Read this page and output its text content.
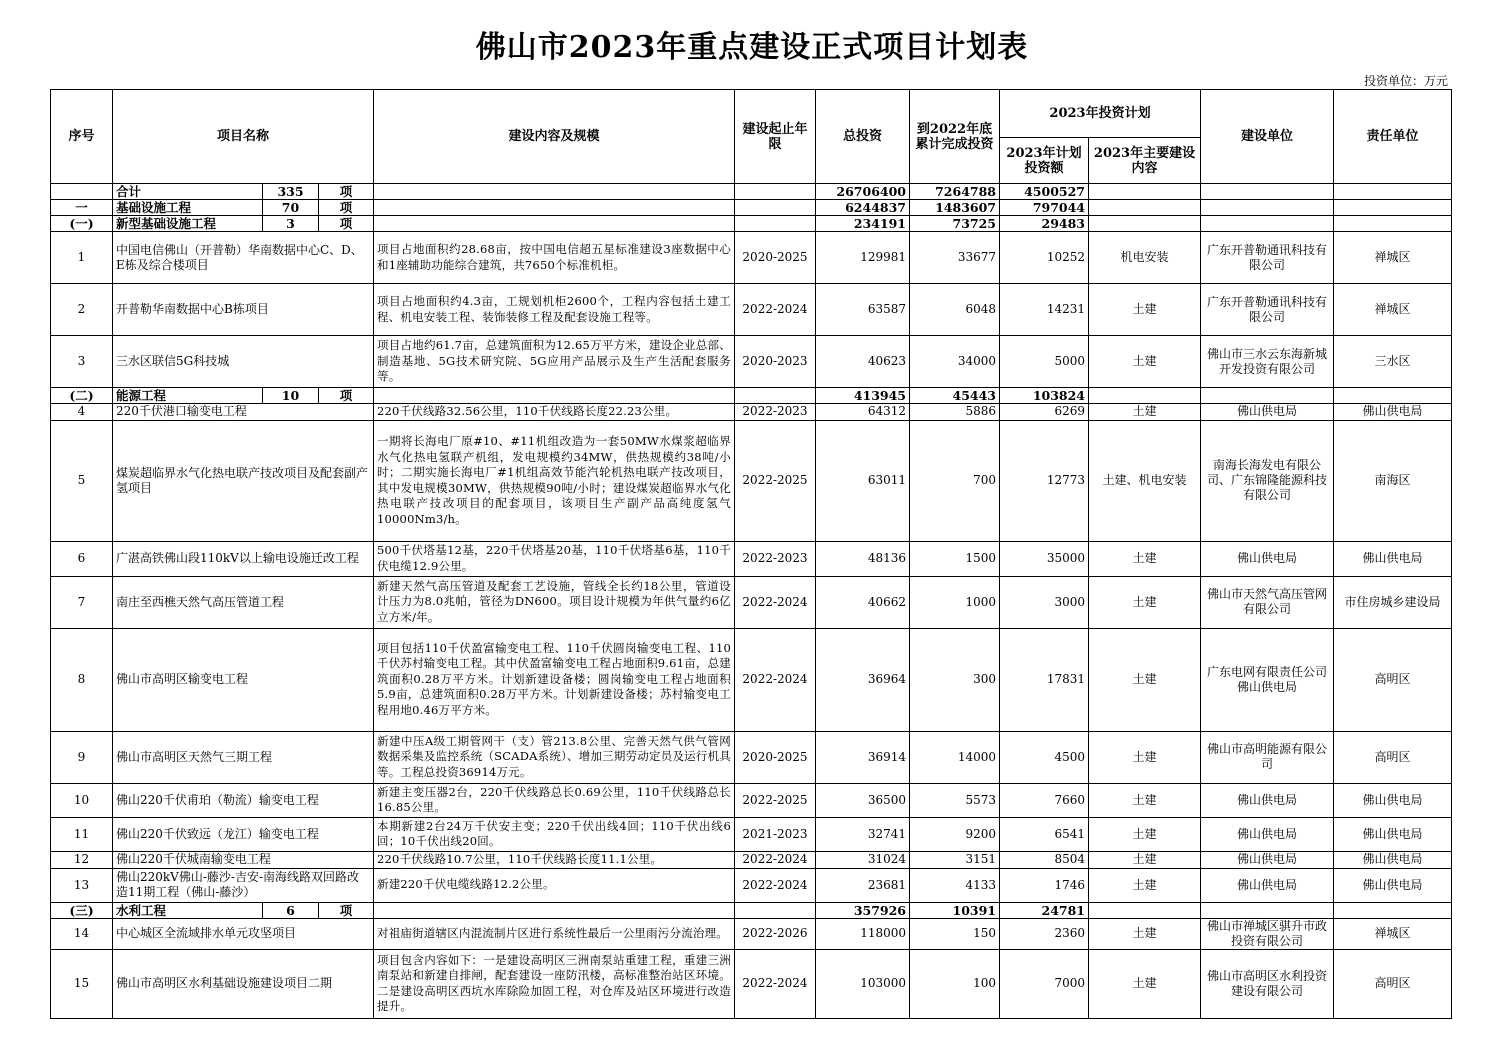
佛山市2023年重点建设正式项目计划表
投资单位：万元
序号	项目名称			建设内容及规模	建设起止年限	总投资	到2022年底累计完成投资	2023年投资计划		建设单位	责任单位
								2023年计划投资额	2023年主要建设内容		
	合计	335	项			26706400	7264788	4500527			
一	基础设施工程	70	项			6244837	1483607	797044			
(一)	新型基础设施工程	3	项			234191	73725	29483			
1	中国电信佛山（开普勒）华南数据中心C、D、E栋及综合楼项目			项目占地面积约28.68亩，按中国电信超五星标准建设3座数据中心和1座辅助功能综合建筑，共7650个标准机柜。	2020-2025	129981	33677	10252	机电安装	广东开普勒通讯科技有限公司	禅城区
2	开普勒华南数据中心B栋项目			项目占地面积约4.3亩，工规划机柜2600个，工程内容包括土建工程、机电安装工程、装饰装修工程及配套设施工程等。	2022-2024	63587	6048	14231	土建	广东开普勒通讯科技有限公司	禅城区
3	三水区联信5G科技城			项目占地约61.7亩，总建筑面积为12.65万平方米，建设企业总部、制造基地、5G技术研究院、5G应用产品展示及生产生活配套服务等。	2020-2023	40623	34000	5000	土建	佛山市三水云东海新城开发投资有限公司	三水区
(二)	能源工程	10	项			413945	45443	103824			
4	220千伏港口输变电工程			220千伏线路32.56公里，110千伏线路长度22.23公里。	2022-2023	64312	5886	6269	土建	佛山供电局	佛山供电局
5	煤炭超临界水气化热电联产技改项目及配套副产氢项目			一期将长海电厂原#10、#11机组改造为一套50MW水煤浆超临界水气化热电氢联产机组，发电规模约34MW，供热规模约38吨/小时；二期实施长海电厂#1机组高效节能汽轮机热电联产技改项目，其中发电规模30MW，供热规模90吨/小时；建设煤炭超临界水气化热电联产技改项目的配套项目，该项目生产副产品高纯度氢气10000Nm3/h。	2022-2025	63011	700	12773	土建、机电安装	南海长海发电有限公司、广东锦隆能源科技有限公司	南海区
6	广湛高铁佛山段110kV以上输电设施迁改工程			500千伏塔基12基，220千伏塔基20基，110千伏塔基6基，110千伏电缆12.9公里。	2022-2023	48136	1500	35000	土建	佛山供电局	佛山供电局
7	南庄至西樵天然气高压管道工程			新建天然气高压管道及配套工艺设施，管线全长约18公里，管道设计压力为8.0兆帕，管径为DN600。项目设计规模为年供气量约6亿立方米/年。	2022-2024	40662	1000	3000	土建	佛山市天然气高压管网有限公司	市住房城乡建设局
8	佛山市高明区输变电工程			项目包括110千伏盈富输变电工程、110千伏圆岗输变电工程、110千伏苏村输变电工程。其中伏盈富输变电工程占地面积9.61亩，总建筑面积0.28万平方米。计划新建设备楼；圆岗输变电工程占地面积5.9亩，总建筑面积0.28万平方米。计划新建设备楼；苏村输变电工程用地0.46万平方米。	2022-2024	36964	300	17831	土建	广东电网有限责任公司佛山供电局	高明区
9	佛山市高明区天然气三期工程			新建中压A级工期管网干（支）管213.8公里、完善天然气供气管网数据采集及监控系统（SCADA系统）、增加三期劳动定员及运行机具等。工程总投资36914万元。	2020-2025	36914	14000	4500	土建	佛山市高明能源有限公司	高明区
10	佛山220千伏甫珀（勒流）输变电工程			新建主变压器2台，220千伏线路总长0.69公里，110千伏线路总长16.85公里。	2022-2025	36500	5573	7660	土建	佛山供电局	佛山供电局
11	佛山220千伏致远（龙江）输变电工程			本期新建2台24万千伏安主变；220千伏出线4回；110千伏出线6回；10千伏出线20回。	2021-2023	32741	9200	6541	土建	佛山供电局	佛山供电局
12	佛山220千伏城南输变电工程			220千伏线路10.7公里，110千伏线路长度11.1公里。	2022-2024	31024	3151	8504	土建	佛山供电局	佛山供电局
13	佛山220kV佛山-藤沙-吉安-南海线路双回路改造11期工程（佛山-藤沙）			新建220千伏电缆线路12.2公里。	2022-2024	23681	4133	1746	土建	佛山供电局	佛山供电局
(三)	水利工程	6	项			357926	10391	24781			
14	中心城区全流域排水单元攻坚项目			对祖庙街道辖区内混流制片区进行系统性最后一公里雨污分流治理。	2022-2026	118000	150	2360	土建	佛山市禅城区骐升市政投资有限公司	禅城区
15	佛山市高明区水利基础设施建设项目二期			项目包含内容如下：一是建设高明区三洲南泵站重建工程，重建三洲南泵站和新建自排闸，配套建设一座防汛楼，高标准整治站区环境。二是建设高明区西坑水库除险加固工程，对仓库及站区环境进行改造提升。	2022-2024	103000	100	7000	土建	佛山市高明区水利投资建设有限公司	高明区
